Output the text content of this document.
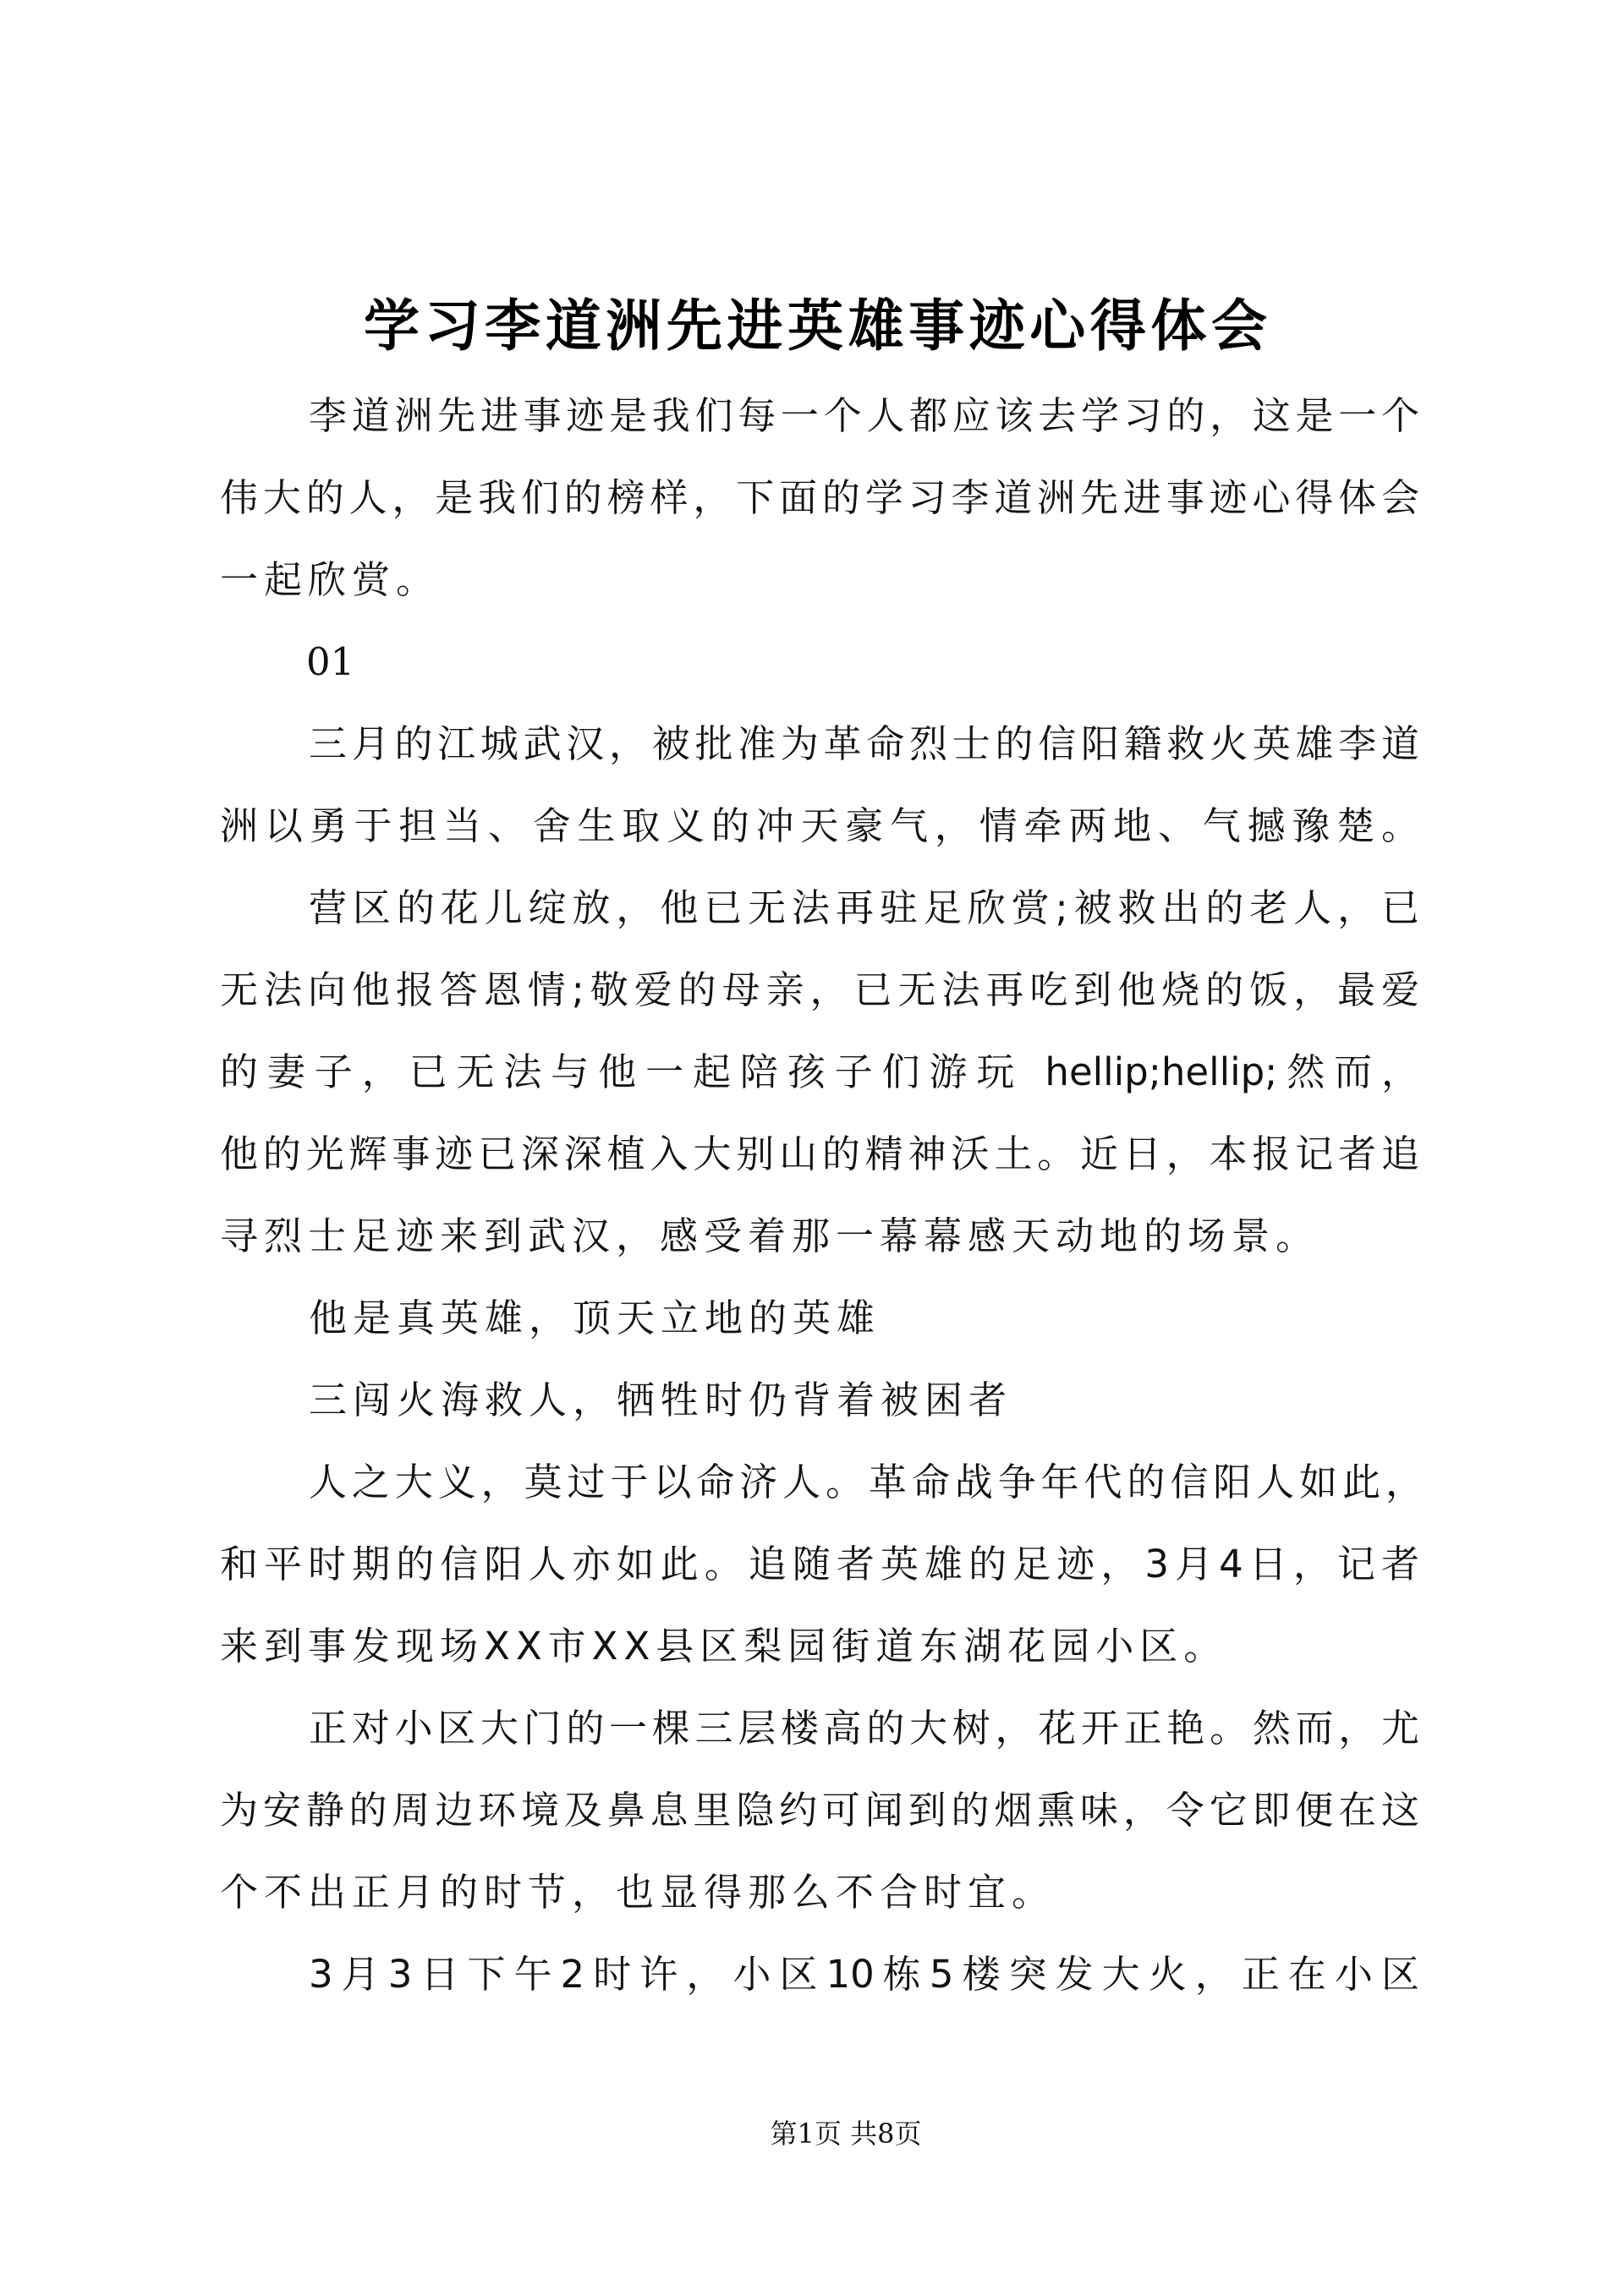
学习李道洲先进英雄事迹心得体会
李道洲先进事迹是我们每一个人都应该去学习的，这是一个
伟大的人，是我们的榜样，下面的学习李道洲先进事迹心得体会
一起欣赏。
01
三月的江城武汉，被批准为革命烈士的信阳籍救火英雄李道
洲以勇于担当、舍生取义的冲天豪气，情牵两地、气撼豫楚。
营区的花儿绽放，他已无法再驻足欣赏;被救出的老人，已
无法向他报答恩情;敬爱的母亲，已无法再吃到他烧的饭，最爱
的妻子，已无法与他一起陪孩子们游玩 hellip;hellip;然而，
他的光辉事迹已深深植入大别山的精神沃土。近日，本报记者追
寻烈士足迹来到武汉，感受着那一幕幕感天动地的场景。
他是真英雄，顶天立地的英雄
三闯火海救人，牺牲时仍背着被困者
人之大义，莫过于以命济人。革命战争年代的信阳人如此，
和平时期的信阳人亦如此。追随者英雄的足迹，3月4日，记者
来到事发现场XX市XX县区梨园街道东湖花园小区。
正对小区大门的一棵三层楼高的大树，花开正艳。然而，尤
为安静的周边环境及鼻息里隐约可闻到的烟熏味，令它即便在这
个不出正月的时节，也显得那么不合时宜。
3月3日下午2时许，小区10栋5楼突发大火，正在小区
第1页 共8页
